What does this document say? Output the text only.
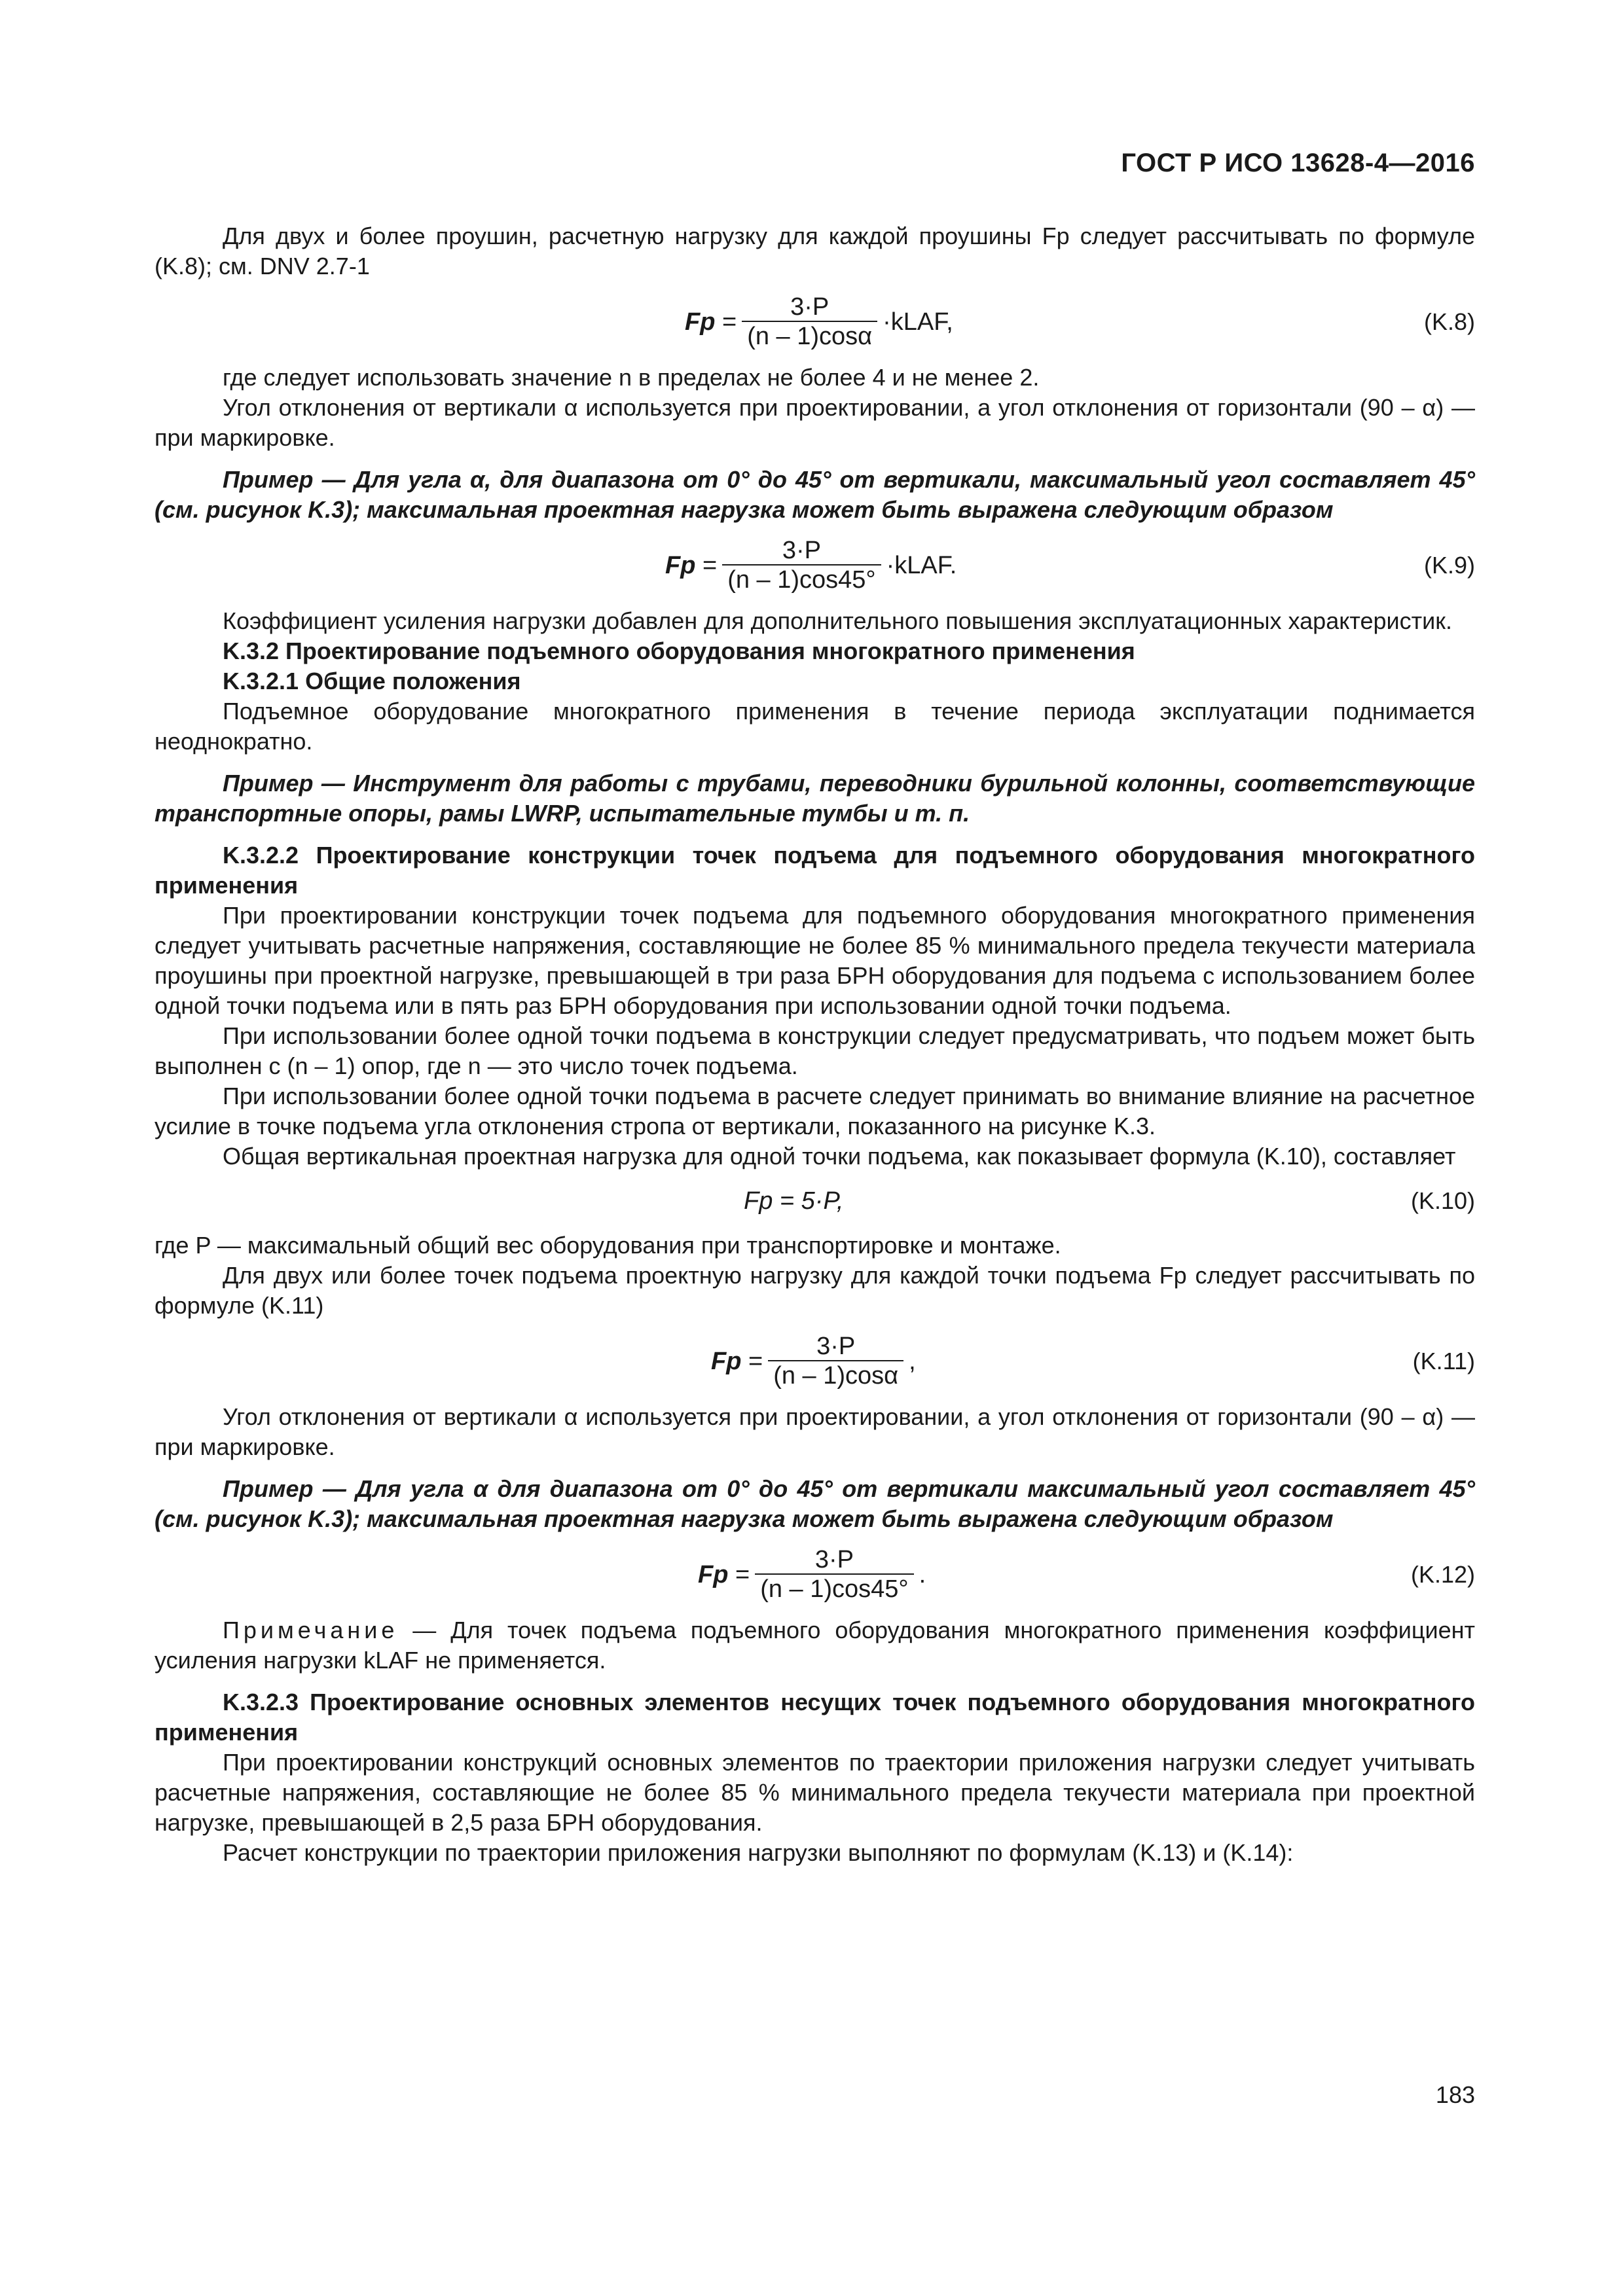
ГОСТ Р ИСО 13628-4—2016

Для двух и более проушин, расчетную нагрузку для каждой проушины Fp следует рассчитывать по формуле (K.8); см. DNV 2.7-1

$Fp = \frac{3\cdot P}{(n - 1)\cos\alpha}$ ·kLAF,	(K.8)

где следует использовать значение n в пределах не более 4 и не менее 2.

Угол отклонения от вертикали α используется при проектировании, а угол отклонения от горизонтали (90 – α) — при маркировке.

Пример — Для угла α, для диапазона от 0° до 45° от вертикали, максимальный угол составляет 45° (см. рисунок K.3); максимальная проектная нагрузка может быть выражена следующим образом

$Fp = \frac{3\cdot P}{(n - 1)\cos 45^\circ}$ ·kLAF.	(K.9)

Коэффициент усиления нагрузки добавлен для дополнительного повышения эксплуатационных характеристик.

K.3.2 Проектирование подъемного оборудования многократного применения

K.3.2.1 Общие положения

Подъемное оборудование многократного применения в течение периода эксплуатации поднимается неоднократно.

Пример — Инструмент для работы с трубами, переводники бурильной колонны, соответствующие транспортные опоры, рамы LWRP, испытательные тумбы и т. п.

K.3.2.2 Проектирование конструкции точек подъема для подъемного оборудования многократного применения

При проектировании конструкции точек подъема для подъемного оборудования многократного применения следует учитывать расчетные напряжения, составляющие не более 85 % минимального предела текучести материала проушины при проектной нагрузке, превышающей в три раза БРН оборудования для подъема с использованием более одной точки подъема или в пять раз БРН оборудования при использовании одной точки подъема.

При использовании более одной точки подъема в конструкции следует предусматривать, что подъем может быть выполнен с (n – 1) опор, где n — это число точек подъема.

При использовании более одной точки подъема в расчете следует принимать во внимание влияние на расчетное усилие в точке подъема угла отклонения стропа от вертикали, показанного на рисунке K.3.

Общая вертикальная проектная нагрузка для одной точки подъема, как показывает формула (K.10), составляет

Fp = 5·P,	(K.10)

где P — максимальный общий вес оборудования при транспортировке и монтаже.

Для двух или более точек подъема проектную нагрузку для каждой точки подъема Fp следует рассчитывать по формуле (K.11)

$Fp = \frac{3\cdot P}{(n - 1)\cos\alpha}$ ,	(K.11)

Угол отклонения от вертикали α используется при проектировании, а угол отклонения от горизонтали (90 – α) — при маркировке.

Пример — Для угла α для диапазона от 0° до 45° от вертикали максимальный угол составляет 45° (см. рисунок K.3); максимальная проектная нагрузка может быть выражена следующим образом

$Fp = \frac{3\cdot P}{(n - 1)\cos 45^\circ}$ .	(K.12)

Примечание — Для точек подъема подъемного оборудования многократного применения коэффициент усиления нагрузки kLAF не применяется.

K.3.2.3 Проектирование основных элементов несущих точек подъемного оборудования многократного применения

При проектировании конструкций основных элементов по траектории приложения нагрузки следует учитывать расчетные напряжения, составляющие не более 85 % минимального предела текучести материала при проектной нагрузке, превышающей в 2,5 раза БРН оборудования.

Расчет конструкции по траектории приложения нагрузки выполняют по формулам (K.13) и (K.14):

183
